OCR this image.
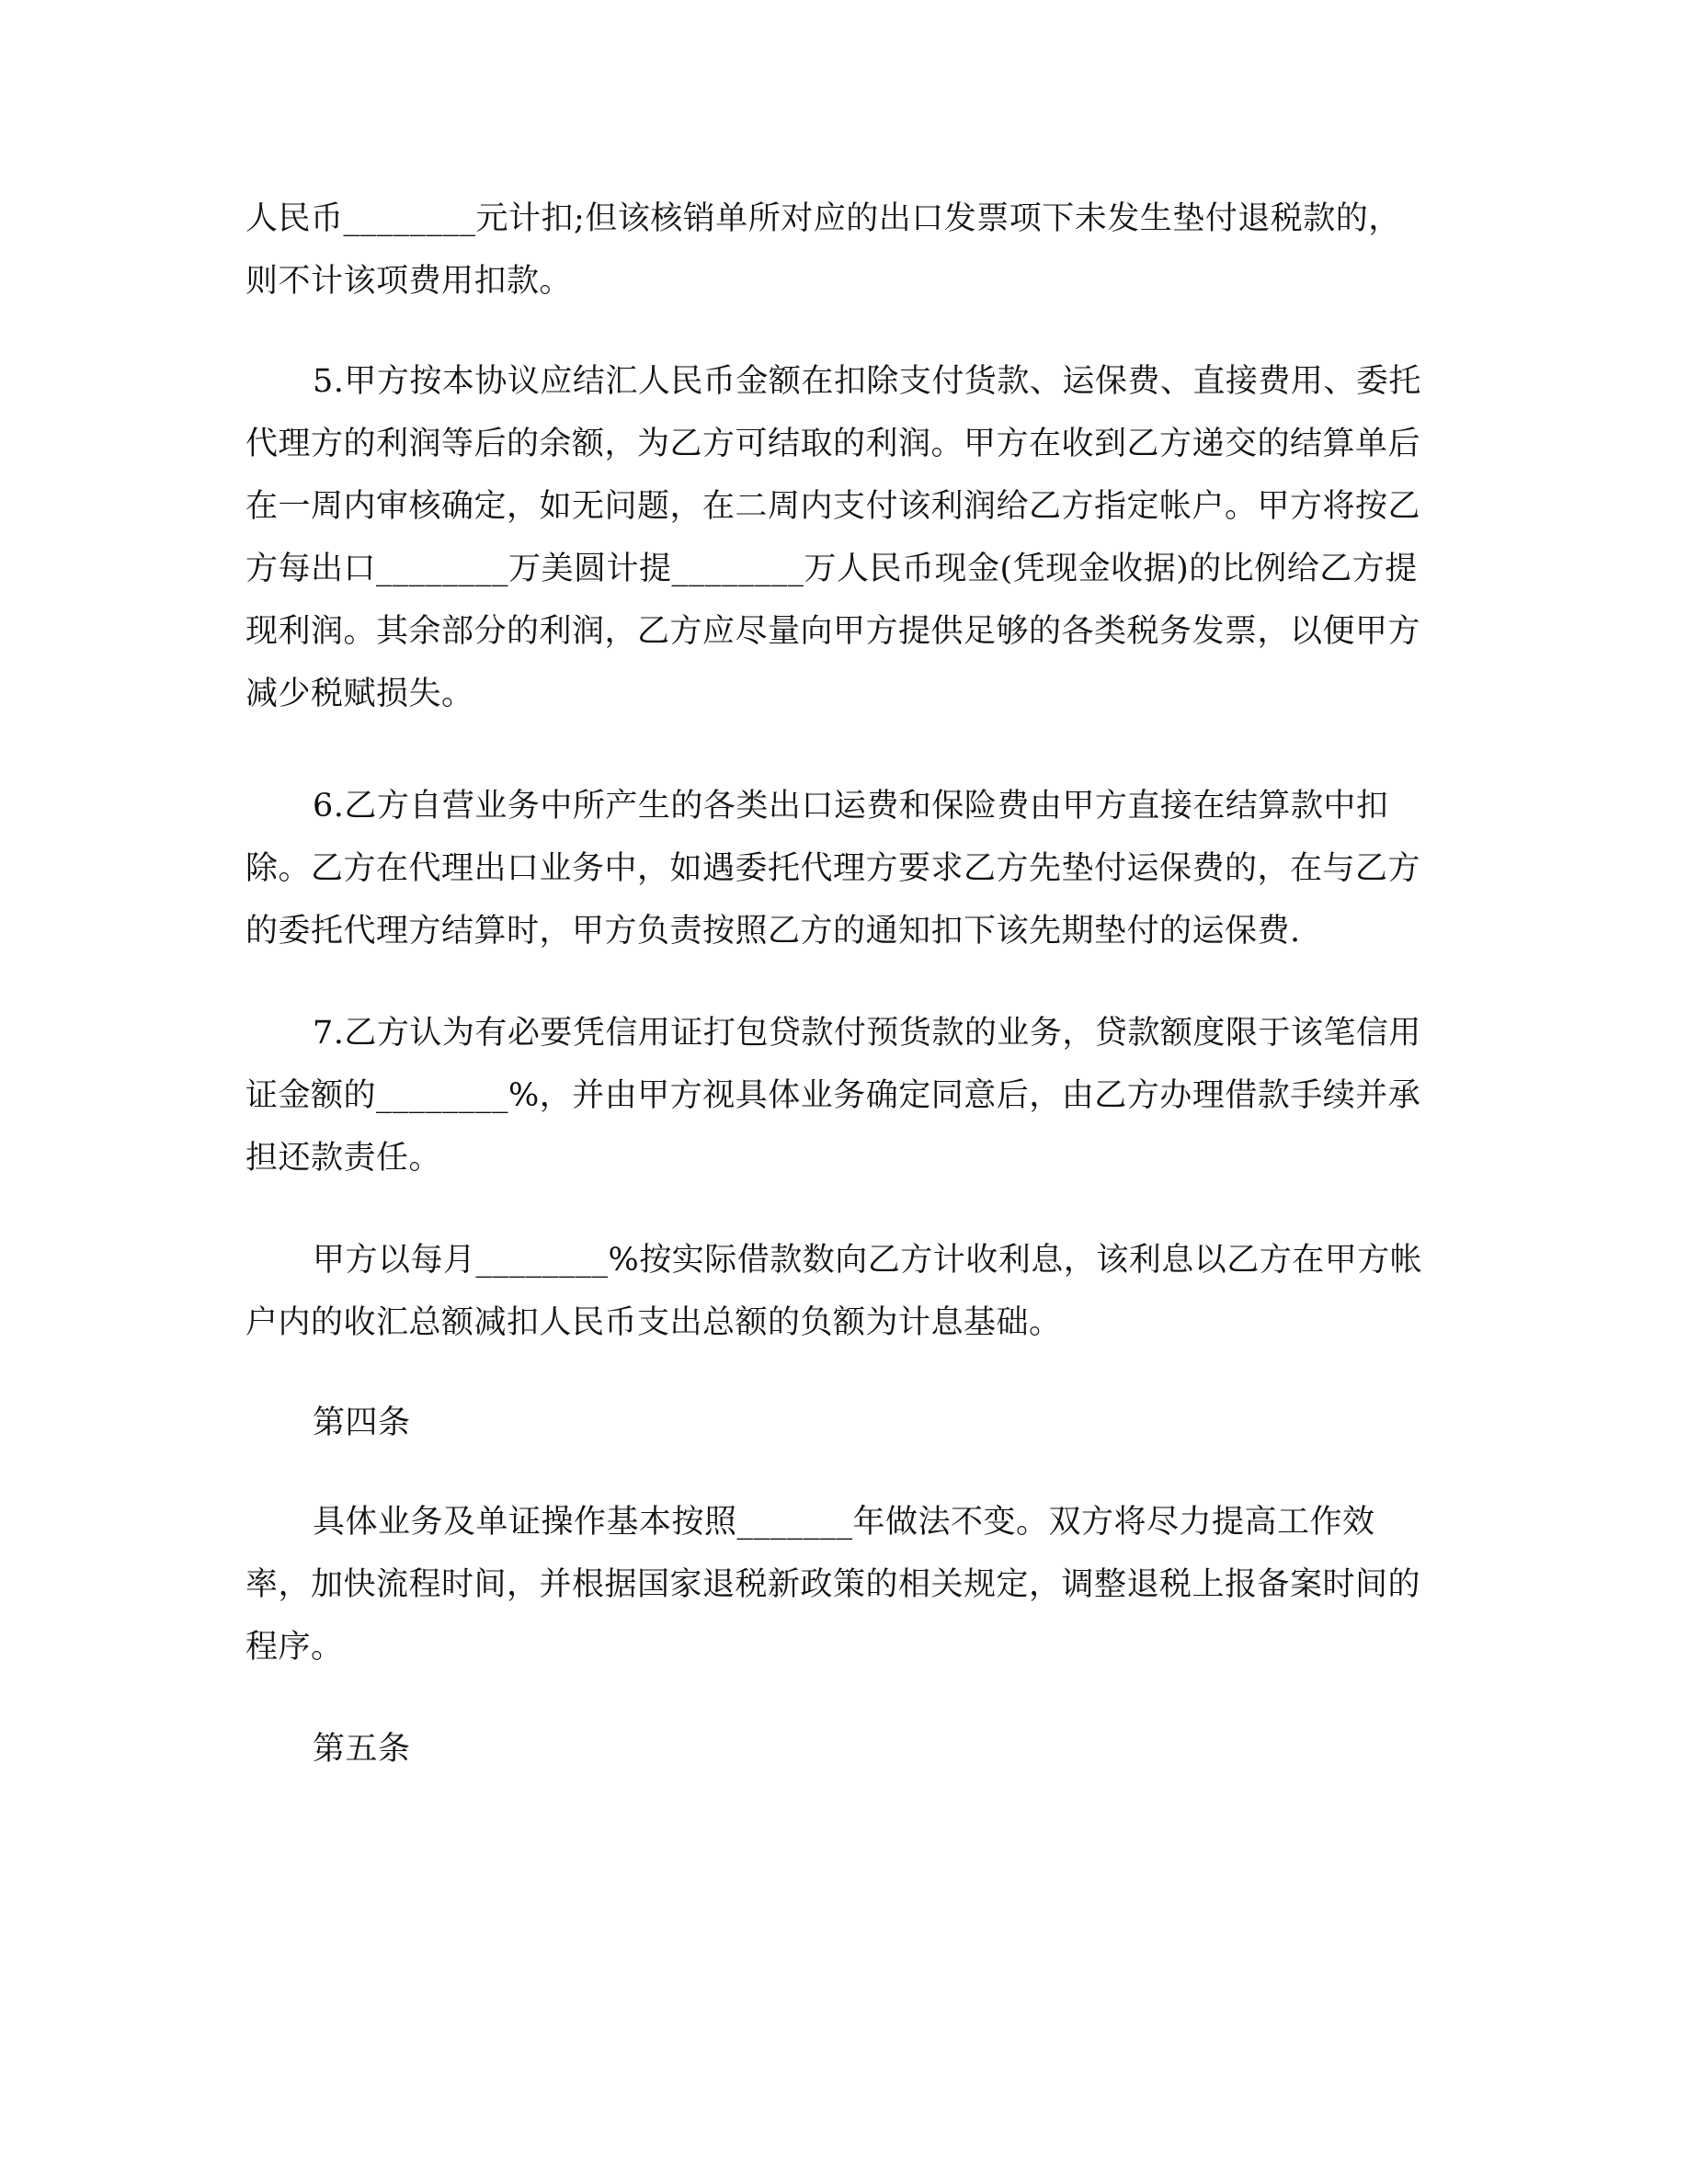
人民币________元计扣;但该核销单所对应的出口发票项下未发生垫付退税款的，
则不计该项费用扣款。
5.甲方按本协议应结汇人民币金额在扣除支付货款、运保费、直接费用、委托
代理方的利润等后的余额，为乙方可结取的利润。甲方在收到乙方递交的结算单后
在一周内审核确定，如无问题，在二周内支付该利润给乙方指定帐户。甲方将按乙
方每出口________万美圆计提________万人民币现金(凭现金收据)的比例给乙方提
现利润。其余部分的利润，乙方应尽量向甲方提供足够的各类税务发票，以便甲方
减少税赋损失。
6.乙方自营业务中所产生的各类出口运费和保险费由甲方直接在结算款中扣
除。乙方在代理出口业务中，如遇委托代理方要求乙方先垫付运保费的，在与乙方
的委托代理方结算时，甲方负责按照乙方的通知扣下该先期垫付的运保费.
7.乙方认为有必要凭信用证打包贷款付预货款的业务，贷款额度限于该笔信用
证金额的________%，并由甲方视具体业务确定同意后，由乙方办理借款手续并承
担还款责任。
甲方以每月________%按实际借款数向乙方计收利息，该利息以乙方在甲方帐
户内的收汇总额减扣人民币支出总额的负额为计息基础。
第四条
具体业务及单证操作基本按照_______年做法不变。双方将尽力提高工作效
率，加快流程时间，并根据国家退税新政策的相关规定，调整退税上报备案时间的
程序。
第五条
